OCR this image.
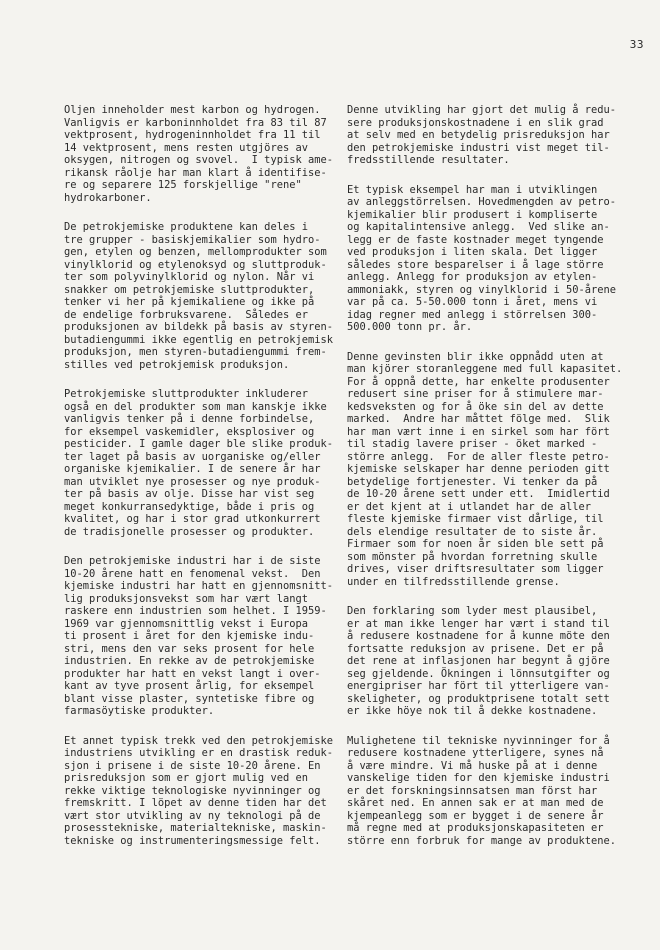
33

Oljen inneholder mest karbon og hydrogen.
Vanligvis er karboninnholdet fra 83 til 87
vektprosent, hydrogeninnholdet fra 11 til
14 vektprosent, mens resten utgjöres av
oksygen, nitrogen og svovel.  I typisk ame-
rikansk råolje har man klart å identifise-
re og separere 125 forskjellige "rene"
hydrokarboner.

De petrokjemiske produktene kan deles i
tre grupper - basiskjemikalier som hydro-
gen, etylen og benzen, mellomprodukter som
vinylklorid og etylenoksyd og sluttproduk-
ter som polyvinylklorid og nylon. Når vi
snakker om petrokjemiske sluttprodukter,
tenker vi her på kjemikaliene og ikke på
de endelige forbruksvarene.  Således er
produksjonen av bildekk på basis av styren-
butadiengummi ikke egentlig en petrokjemisk
produksjon, men styren-butadiengummi frem-
stilles ved petrokjemisk produksjon.

Petrokjemiske sluttprodukter inkluderer
også en del produkter som man kanskje ikke
vanligvis tenker på i denne forbindelse,
for eksempel vaskemidler, eksplosiver og
pesticider. I gamle dager ble slike produk-
ter laget på basis av uorganiske og/eller
organiske kjemikalier. I de senere år har
man utviklet nye prosesser og nye produk-
ter på basis av olje. Disse har vist seg
meget konkurransedyktige, både i pris og
kvalitet, og har i stor grad utkonkurrert
de tradisjonelle prosesser og produkter.

Den petrokjemiske industri har i de siste
10-20 årene hatt en fenomenal vekst.  Den
kjemiske industri har hatt en gjennomsnitt-
lig produksjonsvekst som har vært langt
raskere enn industrien som helhet. I 1959-
1969 var gjennomsnittlig vekst i Europa
ti prosent i året for den kjemiske indu-
stri, mens den var seks prosent for hele
industrien. En rekke av de petrokjemiske
produkter har hatt en vekst langt i over-
kant av tyve prosent årlig, for eksempel
blant visse plaster, syntetiske fibre og
farmasöytiske produkter.

Et annet typisk trekk ved den petrokjemiske
industriens utvikling er en drastisk reduk-
sjon i prisene i de siste 10-20 årene. En
prisreduksjon som er gjort mulig ved en
rekke viktige teknologiske nyvinninger og
fremskritt. I löpet av denne tiden har det
vært stor utvikling av ny teknologi på de
prosesstekniske, materialtekniske, maskin-
tekniske og instrumenteringsmessige felt.

Denne utvikling har gjort det mulig å redu-
sere produksjonskostnadene i en slik grad
at selv med en betydelig prisreduksjon har
den petrokjemiske industri vist meget til-
fredsstillende resultater.

Et typisk eksempel har man i utviklingen
av anleggstörrelsen. Hovedmengden av petro-
kjemikalier blir produsert i kompliserte
og kapitalintensive anlegg.  Ved slike an-
legg er de faste kostnader meget tyngende
ved produksjon i liten skala. Det ligger
således store besparelser i å lage större
anlegg. Anlegg for produksjon av etylen-
ammoniakk, styren og vinylklorid i 50-årene
var på ca. 5-50.000 tonn i året, mens vi
idag regner med anlegg i störrelsen 300-
500.000 tonn pr. år.

Denne gevinsten blir ikke oppnådd uten at
man kjörer storanleggene med full kapasitet.
For å oppnå dette, har enkelte produsenter
redusert sine priser for å stimulere mar-
kedsveksten og for å öke sin del av dette
marked.  Andre har måttet fölge med.  Slik
har man vært inne i en sirkel som har fört
til stadig lavere priser - öket marked -
större anlegg.  For de aller fleste petro-
kjemiske selskaper har denne perioden gitt
betydelige fortjenester. Vi tenker da på
de 10-20 årene sett under ett.  Imidlertid
er det kjent at i utlandet har de aller
fleste kjemiske firmaer vist dårlige, til
dels elendige resultater de to siste år.
Firmaer som for noen år siden ble sett på
som mönster på hvordan forretning skulle
drives, viser driftsresultater som ligger
under en tilfredsstillende grense.

Den forklaring som lyder mest plausibel,
er at man ikke lenger har vært i stand til
å redusere kostnadene for å kunne möte den
fortsatte reduksjon av prisene. Det er på
det rene at inflasjonen har begynt å gjöre
seg gjeldende. Ökningen i lönnsutgifter og
energipriser har fört til ytterligere van-
skeligheter, og produktprisene totalt sett
er ikke höye nok til å dekke kostnadene.

Mulighetene til tekniske nyvinninger for å
redusere kostnadene ytterligere, synes nå
å være mindre. Vi må huske på at i denne
vanskelige tiden for den kjemiske industri
er det forskningsinnsatsen man först har
skåret ned. En annen sak er at man med de
kjempeanlegg som er bygget i de senere år
må regne med at produksjonskapasiteten er
större enn forbruk for mange av produktene.
